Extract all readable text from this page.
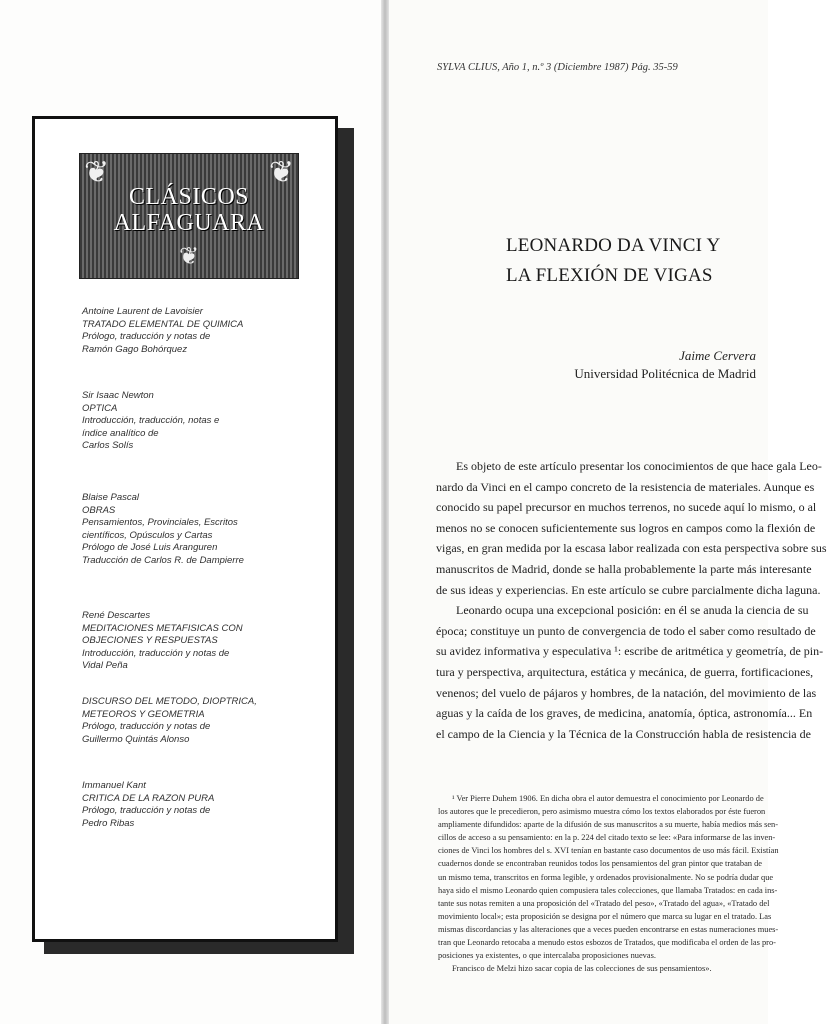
❦	❦
CLÁSICOS
ALFAGUARA
❦
Antoine Laurent de Lavoisier
TRATADO ELEMENTAL DE QUIMICA
Prólogo, traducción y notas de
Ramón Gago Bohórquez
Sir Isaac Newton
OPTICA
Introducción, traducción, notas e
índice analítico de
Carlos Solís
Blaise Pascal
OBRAS
Pensamientos, Provinciales, Escritos
científicos, Opúsculos y Cartas
Prólogo de José Luis Aranguren
Traducción de Carlos R. de Dampierre
René Descartes
MEDITACIONES METAFISICAS CON
OBJECIONES Y RESPUESTAS
Introducción, traducción y notas de
Vidal Peña
DISCURSO DEL METODO, DIOPTRICA,
METEOROS Y GEOMETRIA
Prólogo, traducción y notas de
Guillermo Quintás Alonso
Immanuel Kant
CRITICA DE LA RAZON PURA
Prólogo, traducción y notas de
Pedro Ribas
SYLVA CLIUS, Año 1, n.º 3 (Diciembre 1987) Pág. 35-59
LEONARDO DA VINCI Y
LA FLEXIÓN DE VIGAS
Jaime Cervera
Universidad Politécnica de Madrid
Es objeto de este artículo presentar los conocimientos de que hace gala Leo-
nardo da Vinci en el campo concreto de la resistencia de materiales. Aunque es
conocido su papel precursor en muchos terrenos, no sucede aquí lo mismo, o al
menos no se conocen suficientemente sus logros en campos como la flexión de
vigas, en gran medida por la escasa labor realizada con esta perspectiva sobre sus
manuscritos de Madrid, donde se halla probablemente la parte más interesante
de sus ideas y experiencias. En este artículo se cubre parcialmente dicha laguna.
Leonardo ocupa una excepcional posición: en él se anuda la ciencia de su
época; constituye un punto de convergencia de todo el saber como resultado de
su avidez informativa y especulativa ¹: escribe de aritmética y geometría, de pin-
tura y perspectiva, arquitectura, estática y mecánica, de guerra, fortificaciones,
venenos; del vuelo de pájaros y hombres, de la natación, del movimiento de las
aguas y la caída de los graves, de medicina, anatomía, óptica, astronomía... En
el campo de la Ciencia y la Técnica de la Construcción habla de resistencia de
¹ Ver Pierre Duhem 1906. En dicha obra el autor demuestra el conocimiento por Leonardo de
los autores que le precedieron, pero asimismo muestra cómo los textos elaborados por éste fueron
ampliamente difundidos: aparte de la difusión de sus manuscritos a su muerte, había medios más sen-
cillos de acceso a su pensamiento: en la p. 224 del citado texto se lee: «Para informarse de las inven-
ciones de Vinci los hombres del s. XVI tenían en bastante caso documentos de uso más fácil. Existían
cuadernos donde se encontraban reunidos todos los pensamientos del gran pintor que trataban de
un mismo tema, transcritos en forma legible, y ordenados provisionalmente. No se podría dudar que
haya sido el mismo Leonardo quien compusiera tales colecciones, que llamaba Tratados: en cada ins-
tante sus notas remiten a una proposición del «Tratado del peso», «Tratado del agua», «Tratado del
movimiento local»; esta proposición se designa por el número que marca su lugar en el tratado. Las
mismas discordancias y las alteraciones que a veces pueden encontrarse en estas numeraciones mues-
tran que Leonardo retocaba a menudo estos esbozos de Tratados, que modificaba el orden de las pro-
posiciones ya existentes, o que intercalaba proposiciones nuevas.
Francisco de Melzi hizo sacar copia de las colecciones de sus pensamientos».
